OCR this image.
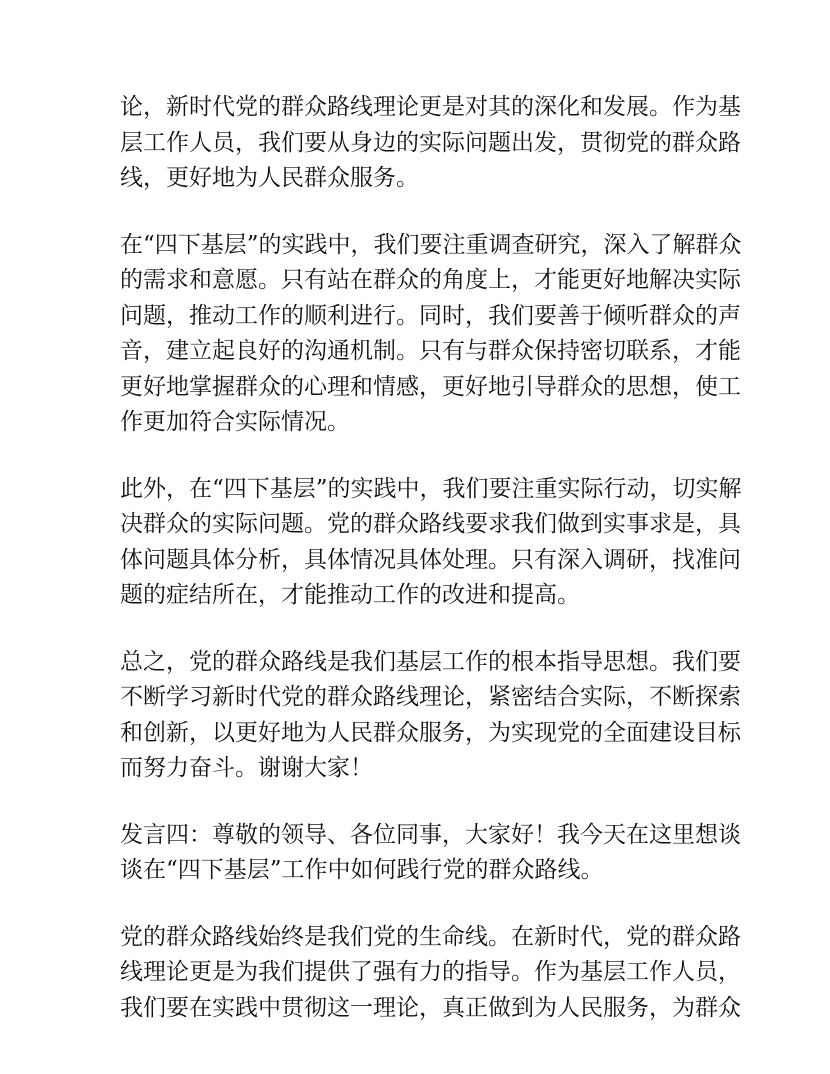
论，新时代党的群众路线理论更是对其的深化和发展。作为基
层工作人员，我们要从身边的实际问题出发，贯彻党的群众路
线，更好地为人民群众服务。
在“四下基层”的实践中，我们要注重调查研究，深入了解群众
的需求和意愿。只有站在群众的角度上，才能更好地解决实际
问题，推动工作的顺利进行。同时，我们要善于倾听群众的声
音，建立起良好的沟通机制。只有与群众保持密切联系，才能
更好地掌握群众的心理和情感，更好地引导群众的思想，使工
作更加符合实际情况。
此外，在“四下基层”的实践中，我们要注重实际行动，切实解
决群众的实际问题。党的群众路线要求我们做到实事求是，具
体问题具体分析，具体情况具体处理。只有深入调研，找准问
题的症结所在，才能推动工作的改进和提高。
总之，党的群众路线是我们基层工作的根本指导思想。我们要
不断学习新时代党的群众路线理论，紧密结合实际，不断探索
和创新，以更好地为人民群众服务，为实现党的全面建设目标
而努力奋斗。谢谢大家！
发言四：尊敬的领导、各位同事，大家好！我今天在这里想谈
谈在“四下基层”工作中如何践行党的群众路线。
党的群众路线始终是我们党的生命线。在新时代，党的群众路
线理论更是为我们提供了强有力的指导。作为基层工作人员，
我们要在实践中贯彻这一理论，真正做到为人民服务，为群众
